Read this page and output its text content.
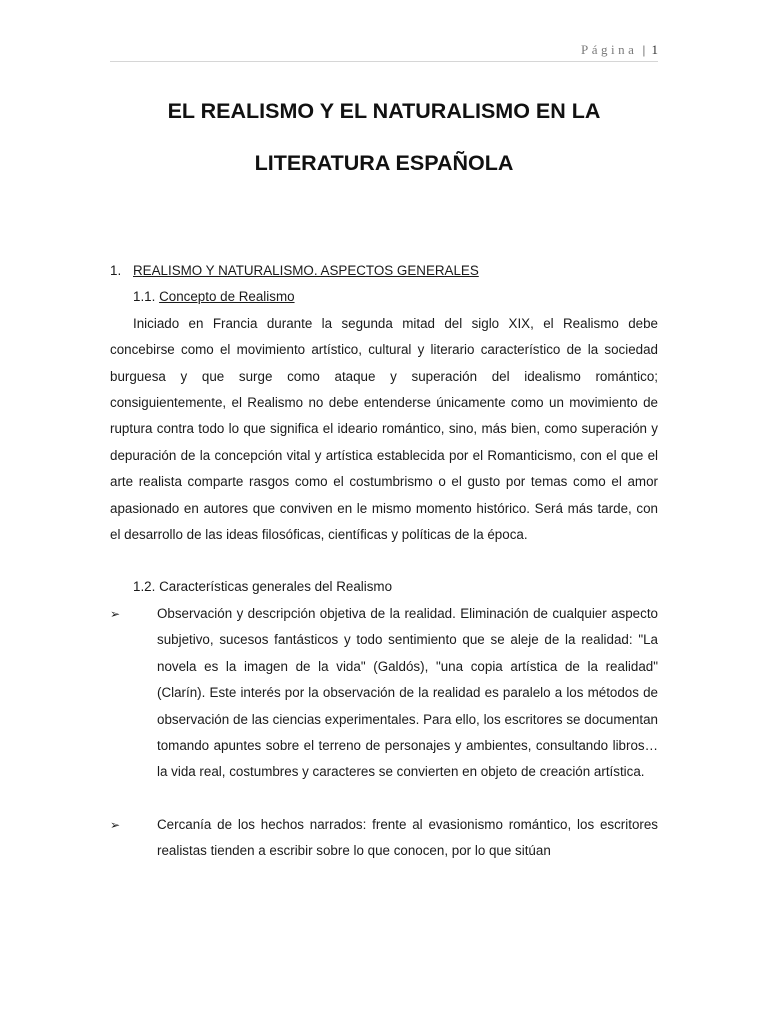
Página | 1
EL REALISMO Y EL NATURALISMO EN LA
LITERATURA ESPAÑOLA
1. REALISMO Y NATURALISMO. ASPECTOS GENERALES
1.1. Concepto de Realismo

Iniciado en Francia durante la segunda mitad del siglo XIX, el Realismo debe concebirse como el movimiento artístico, cultural y literario característico de la sociedad burguesa y que surge como ataque y superación del idealismo romántico; consiguientemente, el Realismo no debe entenderse únicamente como un movimiento de ruptura contra todo lo que significa el ideario romántico, sino, más bien, como superación y depuración de la concepción vital y artística establecida por el Romanticismo, con el que el arte realista comparte rasgos como el costumbrismo o el gusto por temas como el amor apasionado en autores que conviven en le mismo momento histórico. Será más tarde, con el desarrollo de las ideas filosóficas, científicas y políticas de la época.

1.2. Características generales del Realismo
➢	Observación y descripción objetiva de la realidad. Eliminación de cualquier aspecto subjetivo, sucesos fantásticos y todo sentimiento que se aleje de la realidad: "La novela es la imagen de la vida" (Galdós), "una copia artística de la realidad" (Clarín). Este interés por la observación de la realidad es paralelo a los métodos de observación de las ciencias experimentales. Para ello, los escritores se documentan tomando apuntes sobre el terreno de personajes y ambientes, consultando libros…la vida real, costumbres y caracteres se convierten en objeto de creación artística.
➢	Cercanía de los hechos narrados: frente al evasionismo romántico, los escritores realistas tienden a escribir sobre lo que conocen, por lo que sitúan
